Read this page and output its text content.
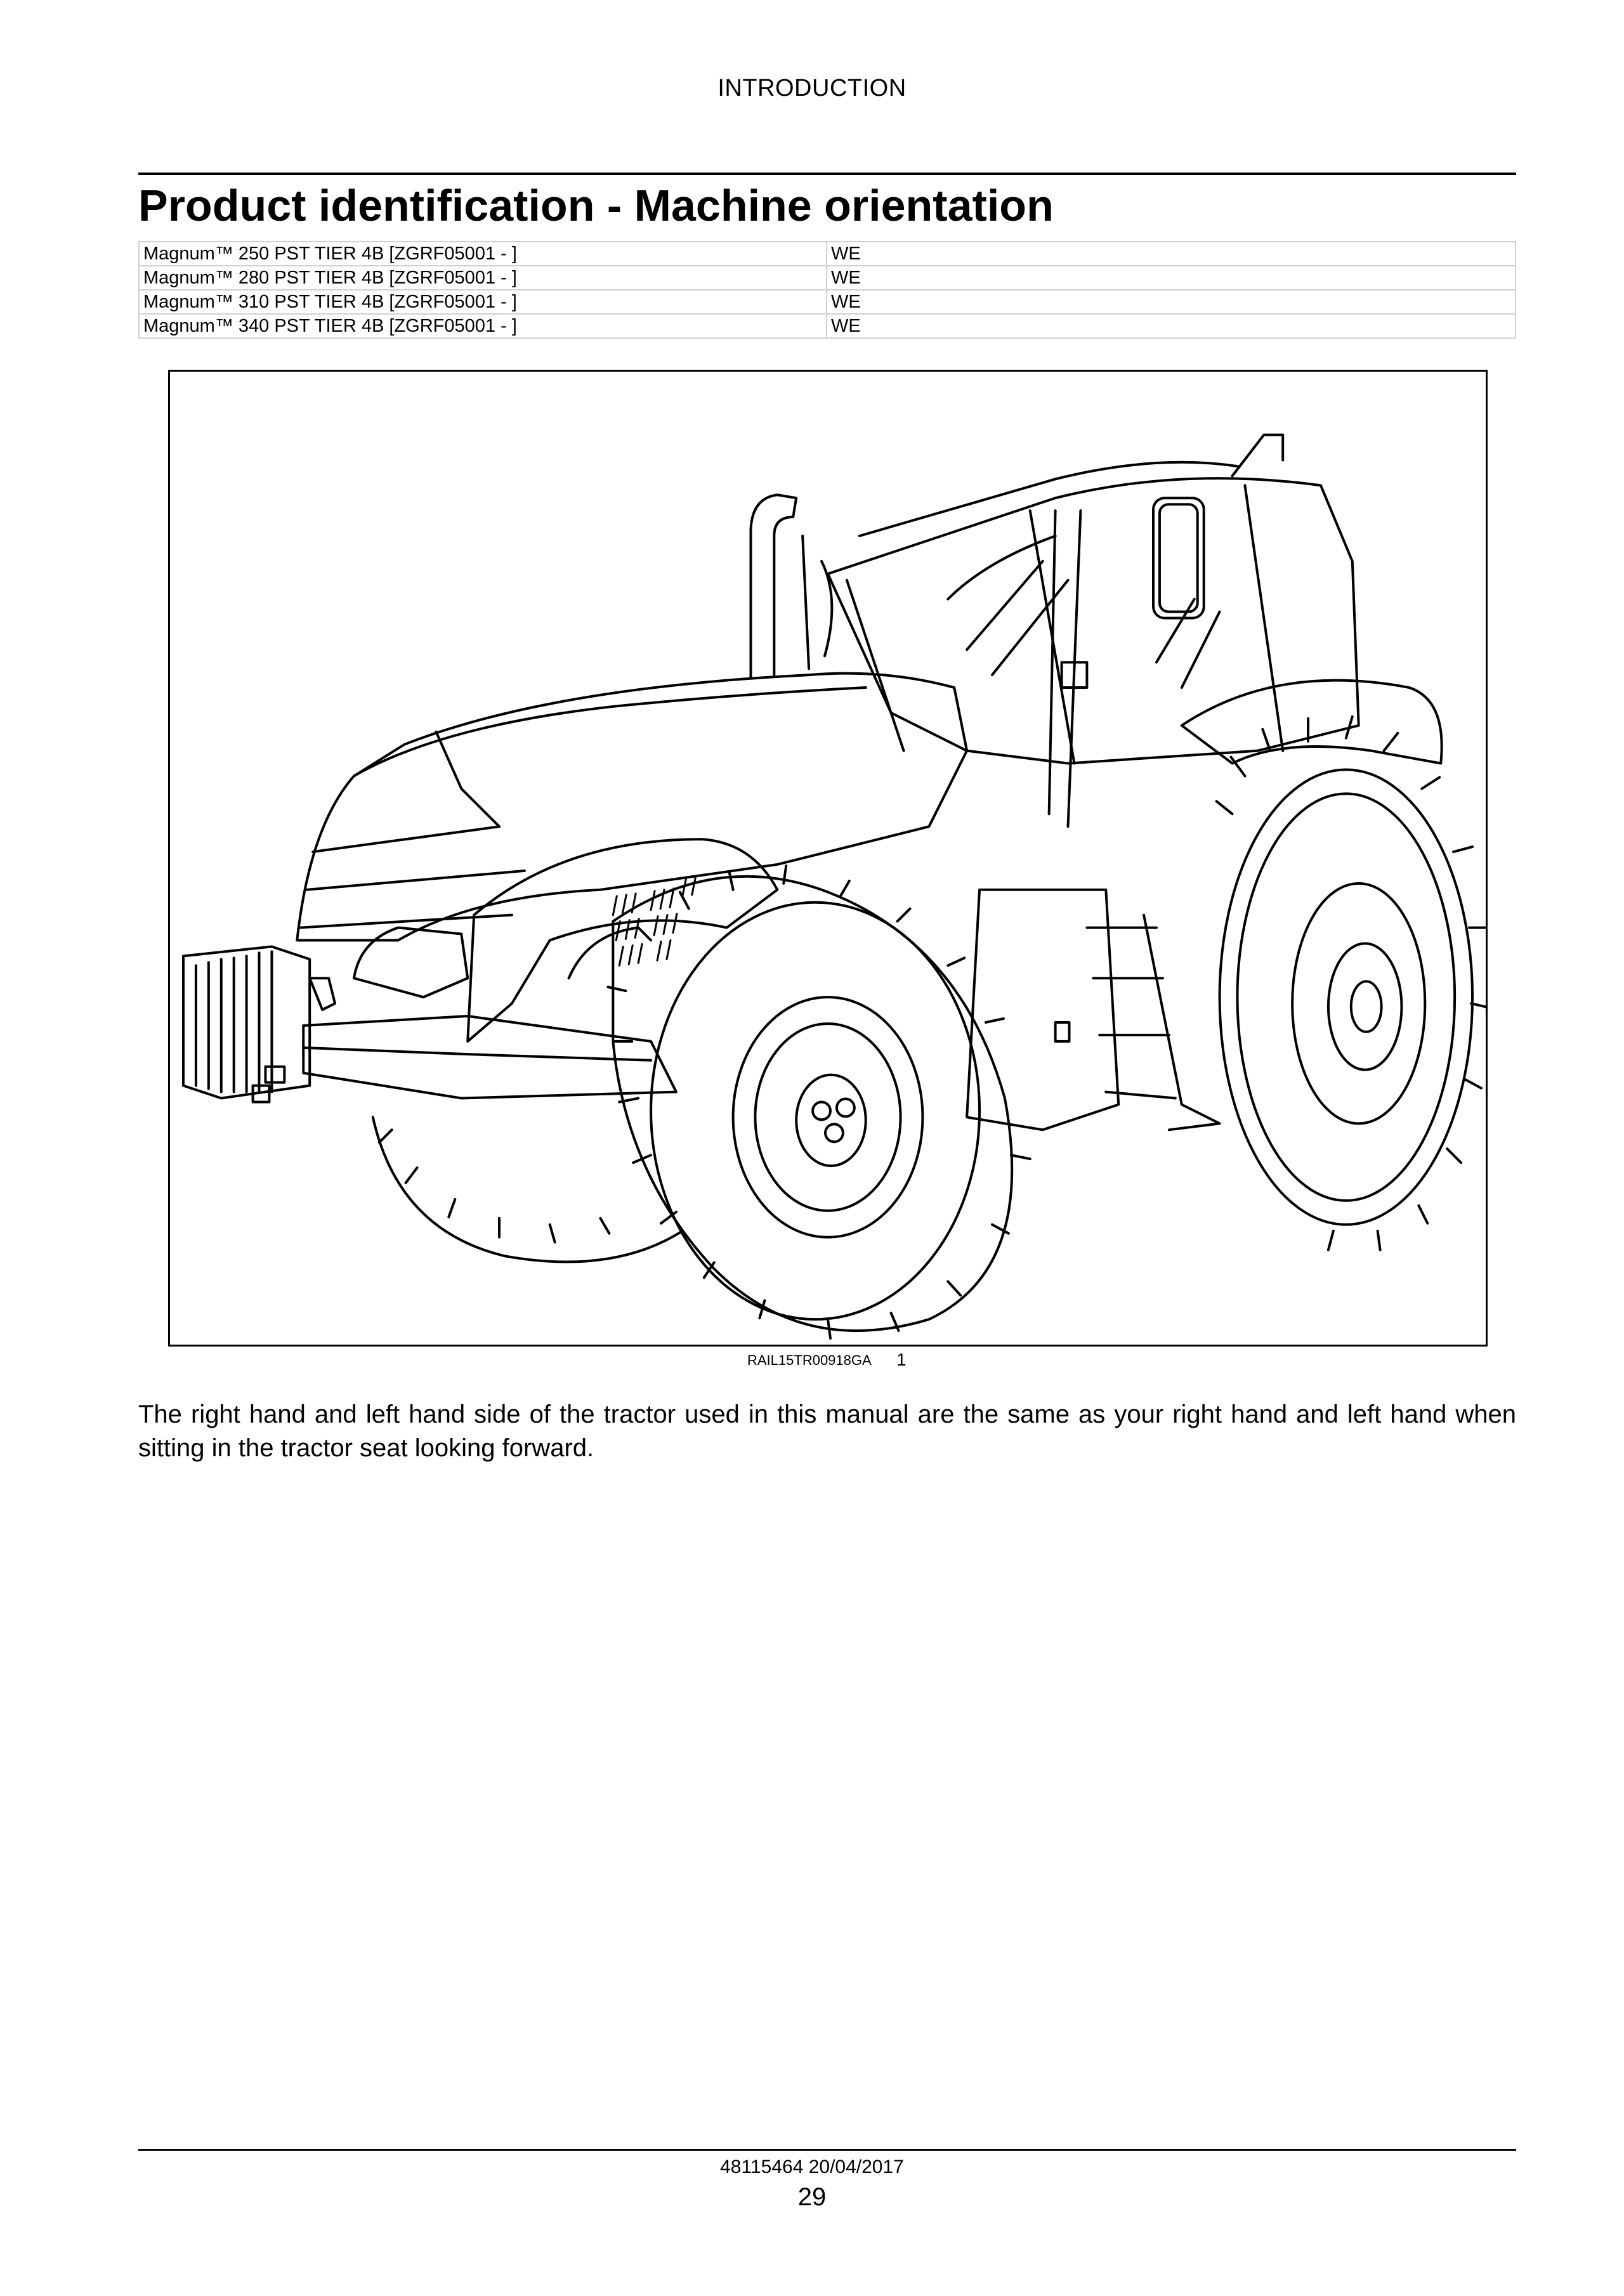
INTRODUCTION
Product identification - Machine orientation
Magnum™ 250 PST TIER 4B [ZGRF05001 - ]	WE
Magnum™ 280 PST TIER 4B [ZGRF05001 - ]	WE
Magnum™ 310 PST TIER 4B [ZGRF05001 - ]	WE
Magnum™ 340 PST TIER 4B [ZGRF05001 - ]	WE
RAIL15TR00918GA 1

The right hand and left hand side of the tractor used in this manual are the same as your right hand and left hand when sitting in the tractor seat looking forward.

48115464 20/04/2017
29
